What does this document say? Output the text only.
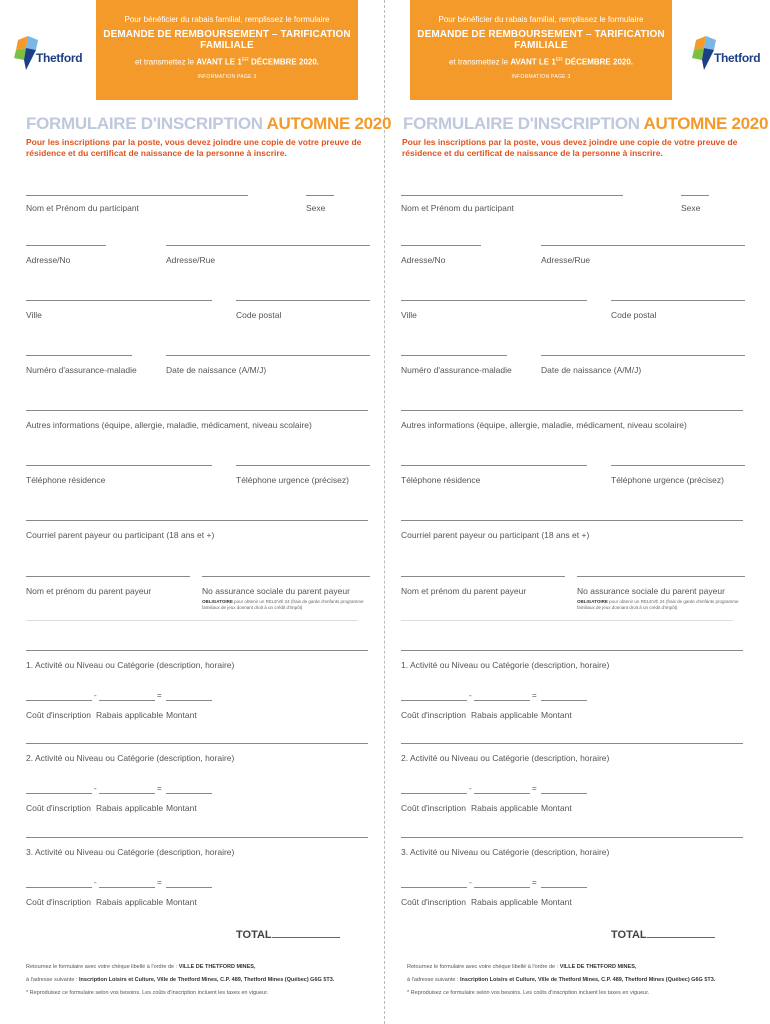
Thetford
Pour bénéficier du rabais familial, remplissez le formulaire
DEMANDE DE REMBOURSEMENT – TARIFICATION FAMILIALE
et transmettez le AVANT LE 1ER DÉCEMBRE 2020.
INFORMATION PAGE 3
FORMULAIRE D'INSCRIPTION AUTOMNE 2020
Pour les inscriptions par la poste, vous devez joindre une copie de votre preuve de résidence et du certificat de naissance de la personne à inscrire.
Nom et Prénom du participant	Sexe
Adresse/No	Adresse/Rue
Ville	Code postal
Numéro d'assurance-maladie	Date de naissance (A/M/J)
Autres informations (équipe, allergie, maladie, médicament, niveau scolaire)
Téléphone résidence	Téléphone urgence (précisez)
Courriel parent payeur ou participant (18 ans et +)
Nom et prénom du parent payeur	No assurance sociale du parent payeur
OBLIGATOIRE pour obtenir un RELEVÉ 24 (frais de garde d'enfants programme familiaux de jeux donnant droit à un crédit d'impôt)
1. Activité ou Niveau ou Catégorie (description, horaire)
-	=
Coût d'inscription Rabais applicable Montant
2. Activité ou Niveau ou Catégorie (description, horaire)
-	=
Coût d'inscription Rabais applicable Montant
3. Activité ou Niveau ou Catégorie (description, horaire)
-	=
Coût d'inscription Rabais applicable Montant
TOTAL
Retournez le formulaire avec votre chèque libellé à l'ordre de : VILLE DE THETFORD MINES,
à l'adresse suivante : Inscription Loisirs et Culture, Ville de Thetford Mines, C.P. 489, Thetford Mines (Québec) G6G 5T3.
* Reproduisez ce formulaire selon vos besoins. Les coûts d'inscription incluent les taxes en vigueur.
Pour bénéficier du rabais familial, remplissez le formulaire
DEMANDE DE REMBOURSEMENT – TARIFICATION FAMILIALE
et transmettez le AVANT LE 1ER DÉCEMBRE 2020.
INFORMATION PAGE 3
Thetford
FORMULAIRE D'INSCRIPTION AUTOMNE 2020
Pour les inscriptions par la poste, vous devez joindre une copie de votre preuve de résidence et du certificat de naissance de la personne à inscrire.
Nom et Prénom du participant	Sexe
Adresse/No	Adresse/Rue
Ville	Code postal
Numéro d'assurance-maladie	Date de naissance (A/M/J)
Autres informations (équipe, allergie, maladie, médicament, niveau scolaire)
Téléphone résidence	Téléphone urgence (précisez)
Courriel parent payeur ou participant (18 ans et +)
Nom et prénom du parent payeur	No assurance sociale du parent payeur
OBLIGATOIRE pour obtenir un RELEVÉ 24 (frais de garde d'enfants programme familiaux de jeux donnant droit à un crédit d'impôt)
1. Activité ou Niveau ou Catégorie (description, horaire)
-	=
Coût d'inscription Rabais applicable Montant
2. Activité ou Niveau ou Catégorie (description, horaire)
-	=
Coût d'inscription Rabais applicable Montant
3. Activité ou Niveau ou Catégorie (description, horaire)
-	=
Coût d'inscription Rabais applicable Montant
TOTAL
Retournez le formulaire avec votre chèque libellé à l'ordre de : VILLE DE THETFORD MINES,
à l'adresse suivante : Inscription Loisirs et Culture, Ville de Thetford Mines, C.P. 489, Thetford Mines (Québec) G6G 5T3.
* Reproduisez ce formulaire selon vos besoins. Les coûts d'inscription incluent les taxes en vigueur.
